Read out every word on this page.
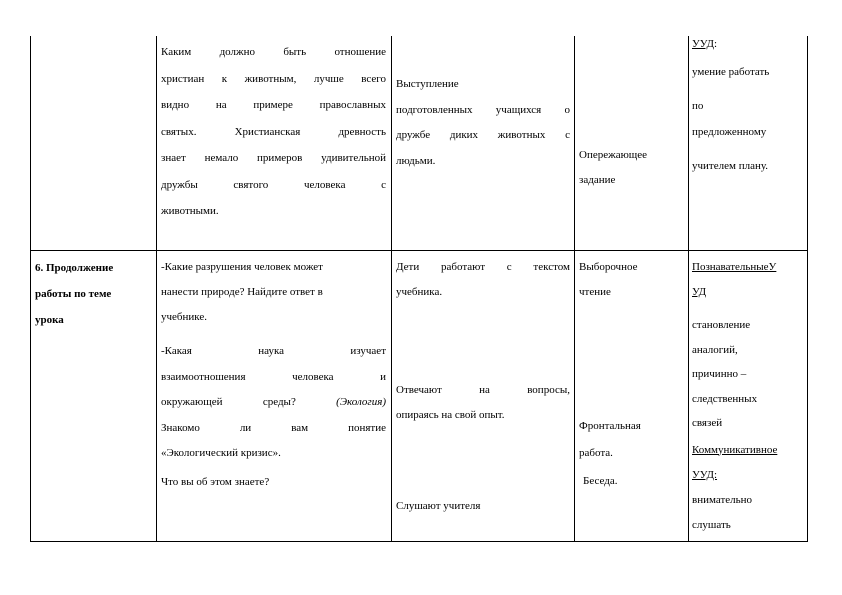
Каким должно быть отношение

христиан к животным, лучше всего

видно на примере православных

святых. Христианская древность

знает немало примеров удивительной

дружбы святого человека с

животными.

Выступление

подготовленных учащихся о

дружбе диких животных с

людьми.	Опережающее

задание

УУД:

умение работать

по

предложенному

учителем плану.

6. Продолжение

работы по теме

урока

-Какие разрушения человек может

нанести природе? Найдите ответ в

учебнике.

-Какая наука изучает

взаимоотношения человека и

окружающей среды?	(Экология)

Знакомо ли вам понятие

«Экологический кризис».

Что вы об этом знаете?

Дети работают с текстом

учебника.

Отвечают на вопросы,

опираясь на свой опыт.

Слушают учителя

Выборочное

чтение

Фронтальная

работа.

Беседа.

ПознавательныеУ

УД

становление

аналогий,

причинно –

следственных

связей

Коммуникативное

УУД:

внимательно

слушать
